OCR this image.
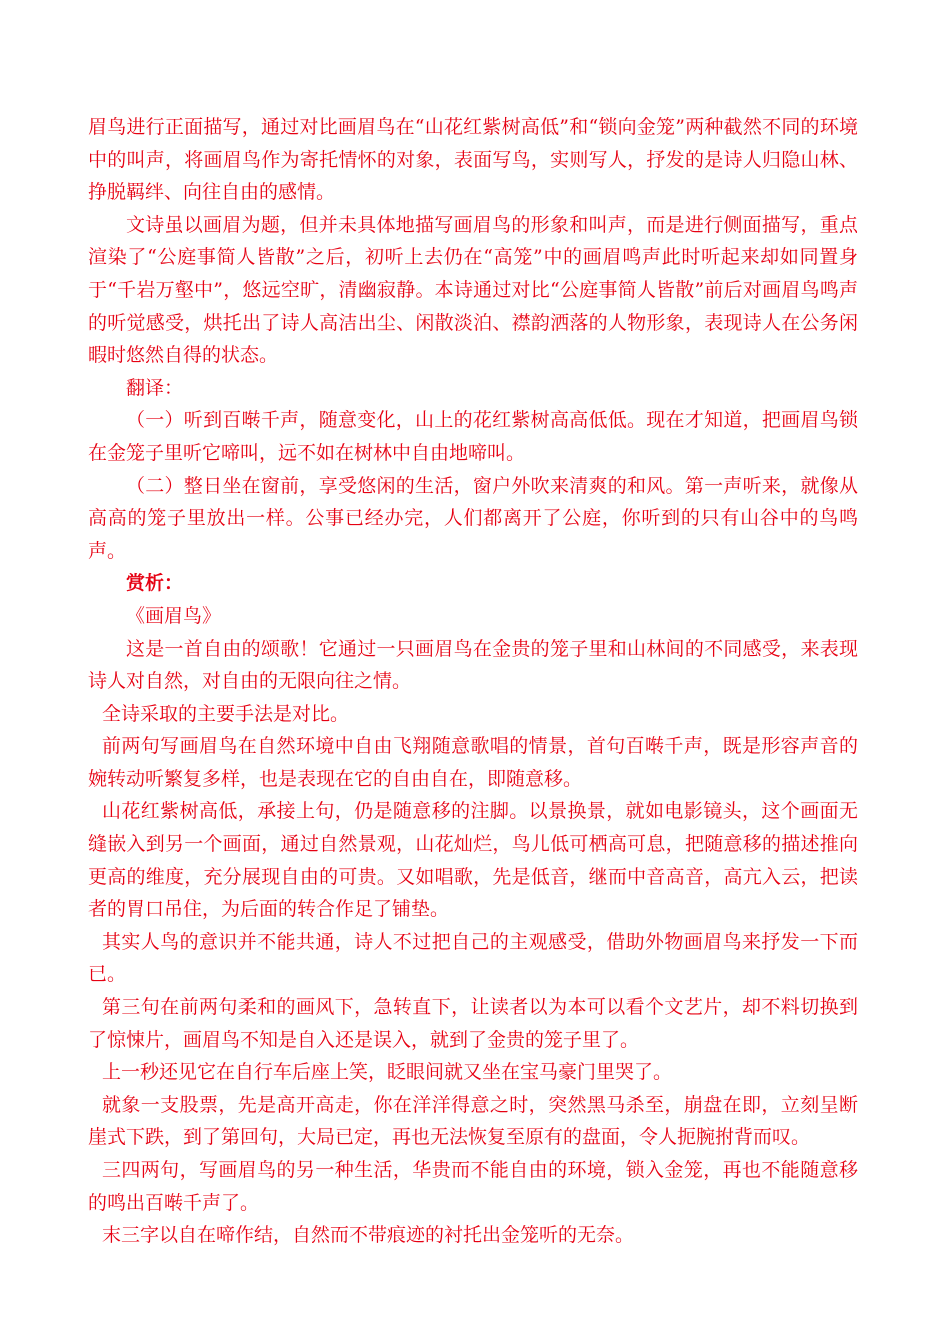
眉鸟进行正面描写，通过对比画眉鸟在“山花红紫树高低”和“锁向金笼”两种截然不同的环境中的叫声，将画眉鸟作为寄托情怀的对象，表面写鸟，实则写人，抒发的是诗人归隐山林、挣脱羁绊、向往自由的感情。

文诗虽以画眉为题，但并未具体地描写画眉鸟的形象和叫声，而是进行侧面描写，重点渲染了“公庭事简人皆散”之后，初听上去仍在“高笼”中的画眉鸣声此时听起来却如同置身于“千岩万壑中”，悠远空旷，清幽寂静。本诗通过对比“公庭事简人皆散”前后对画眉鸟鸣声的听觉感受，烘托出了诗人高洁出尘、闲散淡泊、襟韵洒落的人物形象，表现诗人在公务闲暇时悠然自得的状态。

翻译：

（一）听到百啭千声，随意变化，山上的花红紫树高高低低。现在才知道，把画眉鸟锁在金笼子里听它啼叫，远不如在树林中自由地啼叫。

（二）整日坐在窗前，享受悠闲的生活，窗户外吹来清爽的和风。第一声听来，就像从高高的笼子里放出一样。公事已经办完，人们都离开了公庭，你听到的只有山谷中的鸟鸣声。

赏析：

《画眉鸟》

这是一首自由的颂歌！它通过一只画眉鸟在金贵的笼子里和山林间的不同感受，来表现诗人对自然，对自由的无限向往之情。

全诗采取的主要手法是对比。

前两句写画眉鸟在自然环境中自由飞翔随意歌唱的情景，首句百啭千声，既是形容声音的婉转动听繁复多样，也是表现在它的自由自在，即随意移。

山花红紫树高低，承接上句，仍是随意移的注脚。以景换景，就如电影镜头，这个画面无缝嵌入到另一个画面，通过自然景观，山花灿烂，鸟儿低可栖高可息，把随意移的描述推向更高的维度，充分展现自由的可贵。又如唱歌，先是低音，继而中音高音，高亢入云，把读者的胃口吊住，为后面的转合作足了铺垫。

其实人鸟的意识并不能共通，诗人不过把自己的主观感受，借助外物画眉鸟来抒发一下而已。

第三句在前两句柔和的画风下，急转直下，让读者以为本可以看个文艺片，却不料切换到了惊悚片，画眉鸟不知是自入还是误入，就到了金贵的笼子里了。

上一秒还见它在自行车后座上笑，眨眼间就又坐在宝马豪门里哭了。

就象一支股票，先是高开高走，你在洋洋得意之时，突然黑马杀至，崩盘在即，立刻呈断崖式下跌，到了第回句，大局已定，再也无法恢复至原有的盘面，令人扼腕拊背而叹。

三四两句，写画眉鸟的另一种生活，华贵而不能自由的环境，锁入金笼，再也不能随意移的鸣出百啭千声了。

末三字以自在啼作结，自然而不带痕迹的衬托出金笼听的无奈。
